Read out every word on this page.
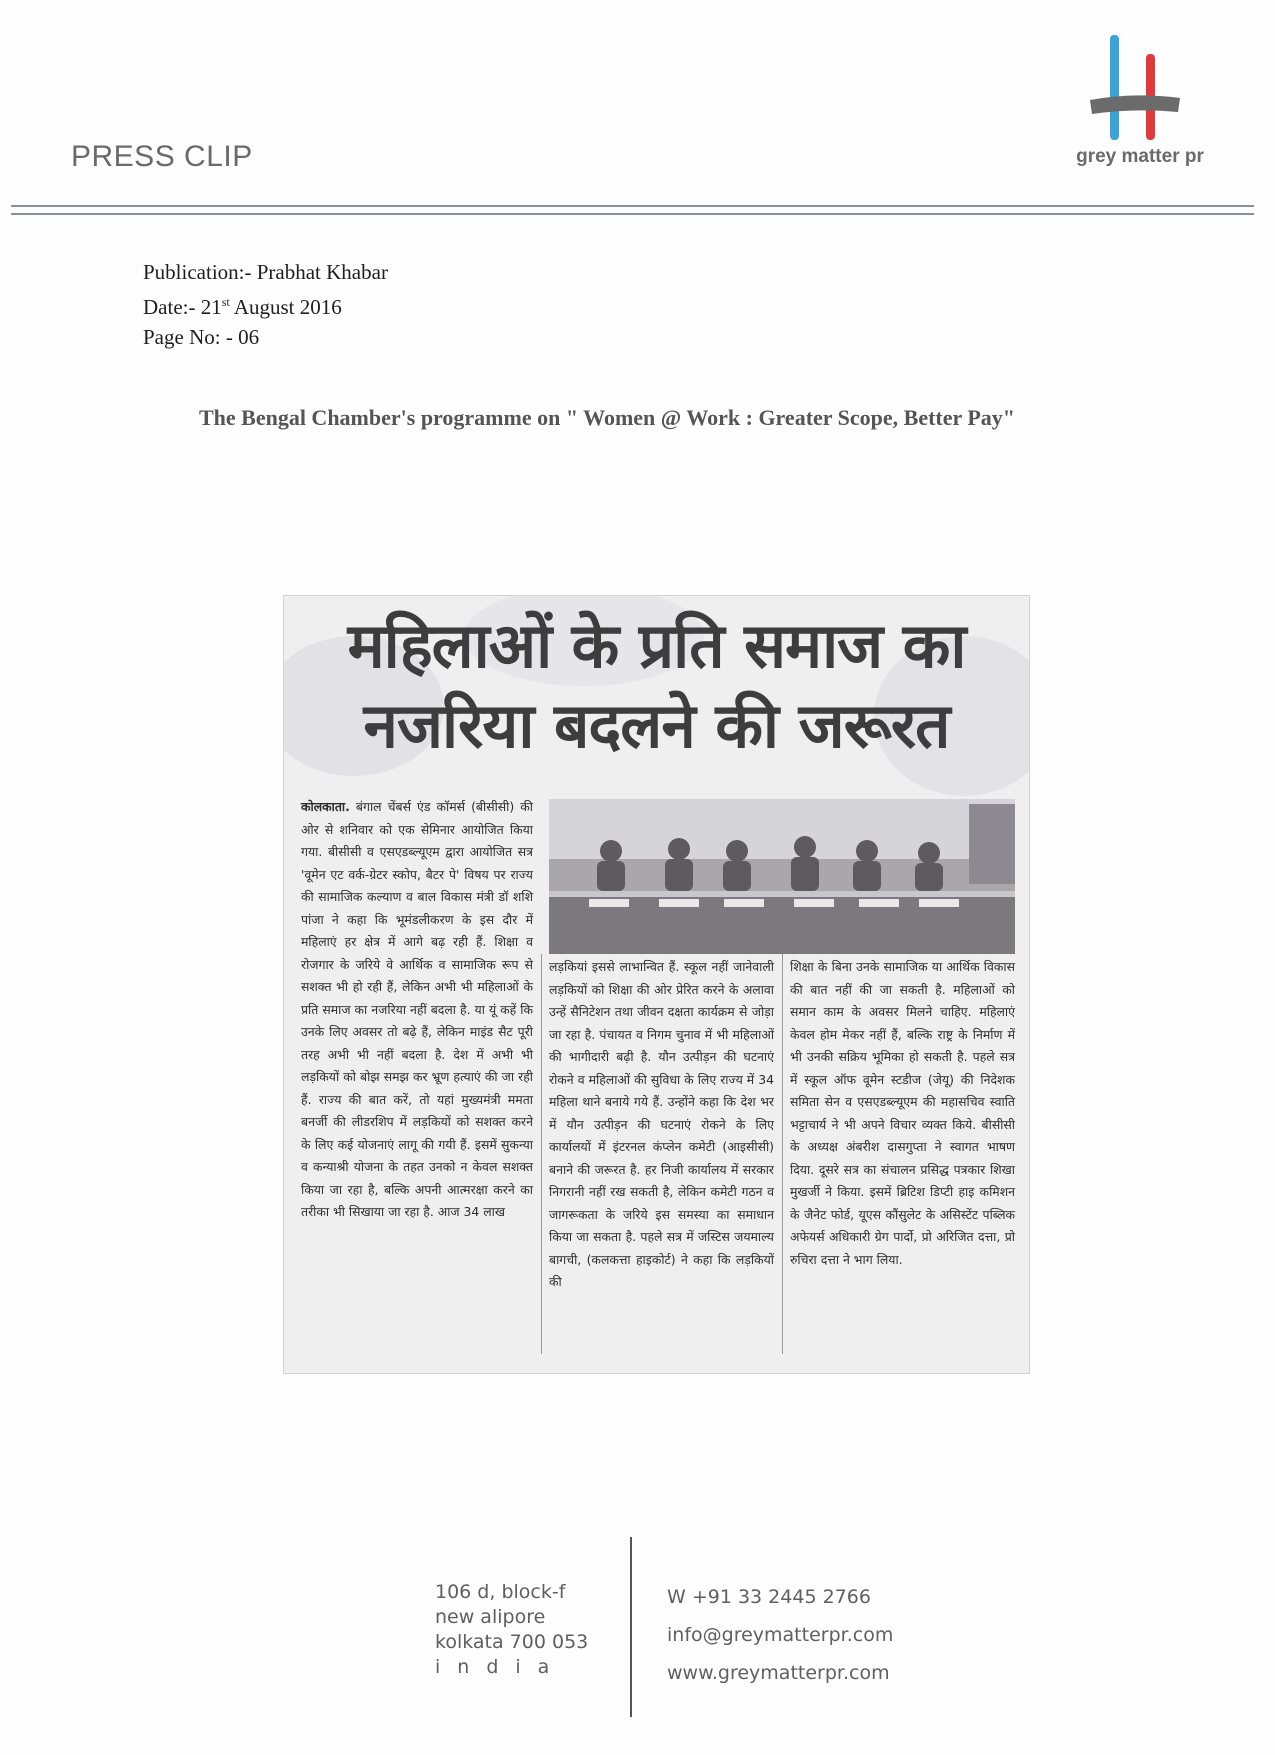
PRESS CLIP	grey matter pr
Publication:- Prabhat Khabar
Date:- 21st August 2016
Page No: - 06
The Bengal Chamber's programme on " Women @ Work : Greater Scope, Better Pay"
महिलाओं के प्रति समाज का
नजरिया बदलने की जरूरत
कोलकाता. बंगाल चेंबर्स एंड कॉमर्स (बीसीसी) की ओर से शनिवार को एक सेमिनार आयोजित किया गया. बीसीसी व एसएडब्ल्यूएम द्वारा आयोजित सत्र 'वूमेन एट वर्क-ग्रेटर स्कोप, बैटर पे' विषय पर राज्य की सामाजिक कल्याण व बाल विकास मंत्री डॉ शशि पांजा ने कहा कि भूमंडलीकरण के इस दौर में महिलाएं हर क्षेत्र में आगे बढ़ रही हैं. शिक्षा व रोजगार के जरिये वे आर्थिक व सामाजिक रूप से सशक्त भी हो रही हैं, लेकिन अभी भी महिलाओं के प्रति समाज का नजरिया नहीं बदला है. या यूं कहें कि उनके लिए अवसर तो बढ़े हैं, लेकिन माइंड सैट पूरी तरह अभी भी नहीं बदला है. देश में अभी भी लड़कियों को बोझ समझ कर भ्रूण हत्याएं की जा रही हैं. राज्य की बात करें, तो यहां मुख्यमंत्री ममता बनर्जी की लीडरशिप में लड़कियों को सशक्त करने के लिए कई योजनाएं लागू की गयी हैं. इसमें सुकन्या व कन्याश्री योजना के तहत उनको न केवल सशक्त किया जा रहा है, बल्कि अपनी आत्मरक्षा करने का तरीका भी सिखाया जा रहा है. आज 34 लाख
लड़कियां इससे लाभान्वित हैं. स्कूल नहीं जानेवाली लड़कियों को शिक्षा की ओर प्रेरित करने के अलावा उन्हें सैनिटेशन तथा जीवन दक्षता कार्यक्रम से जोड़ा जा रहा है. पंचायत व निगम चुनाव में भी महिलाओं की भागीदारी बढ़ी है. यौन उत्पीड़न की घटनाएं रोकने व महिलाओं की सुविधा के लिए राज्य में 34 महिला थाने बनाये गये हैं. उन्होंने कहा कि देश भर में यौन उत्पीड़न की घटनाएं रोकने के लिए कार्यालयों में इंटरनल कंप्लेन कमेटी (आइसीसी) बनाने की जरूरत है. हर निजी कार्यालय में सरकार निगरानी नहीं रख सकती है, लेकिन कमेटी गठन व जागरूकता के जरिये इस समस्या का समाधान किया जा सकता है. पहले सत्र में जस्टिस जयमाल्य बागची, (कलकत्ता हाइकोर्ट) ने कहा कि लड़कियों की
शिक्षा के बिना उनके सामाजिक या आर्थिक विकास की बात नहीं की जा सकती है. महिलाओं को समान काम के अवसर मिलने चाहिए. महिलाएं केवल होम मेकर नहीं हैं, बल्कि राष्ट्र के निर्माण में भी उनकी सक्रिय भूमिका हो सकती है. पहले सत्र में स्कूल ऑफ वूमेन स्टडीज (जेयू) की निदेशक समिता सेन व एसएडब्ल्यूएम की महासचिव स्वाति भट्टाचार्य ने भी अपने विचार व्यक्त किये. बीसीसी के अध्यक्ष अंबरीश दासगुप्ता ने स्वागत भाषण दिया. दूसरे सत्र का संचालन प्रसिद्ध पत्रकार शिखा मुखर्जी ने किया. इसमें ब्रिटिश डिप्टी हाइ कमिशन के जैनेट फोर्ड, यूएस कौंसुलेट के असिस्टेंट पब्लिक अफेयर्स अधिकारी ग्रेग पार्दो, प्रो अरिजित दत्ता, प्रो रुचिरा दत्ता ने भाग लिया.
106 d, block-f
new alipore
kolkata 700 053
india
W +91 33 2445 2766
info@greymatterpr.com
www.greymatterpr.com
